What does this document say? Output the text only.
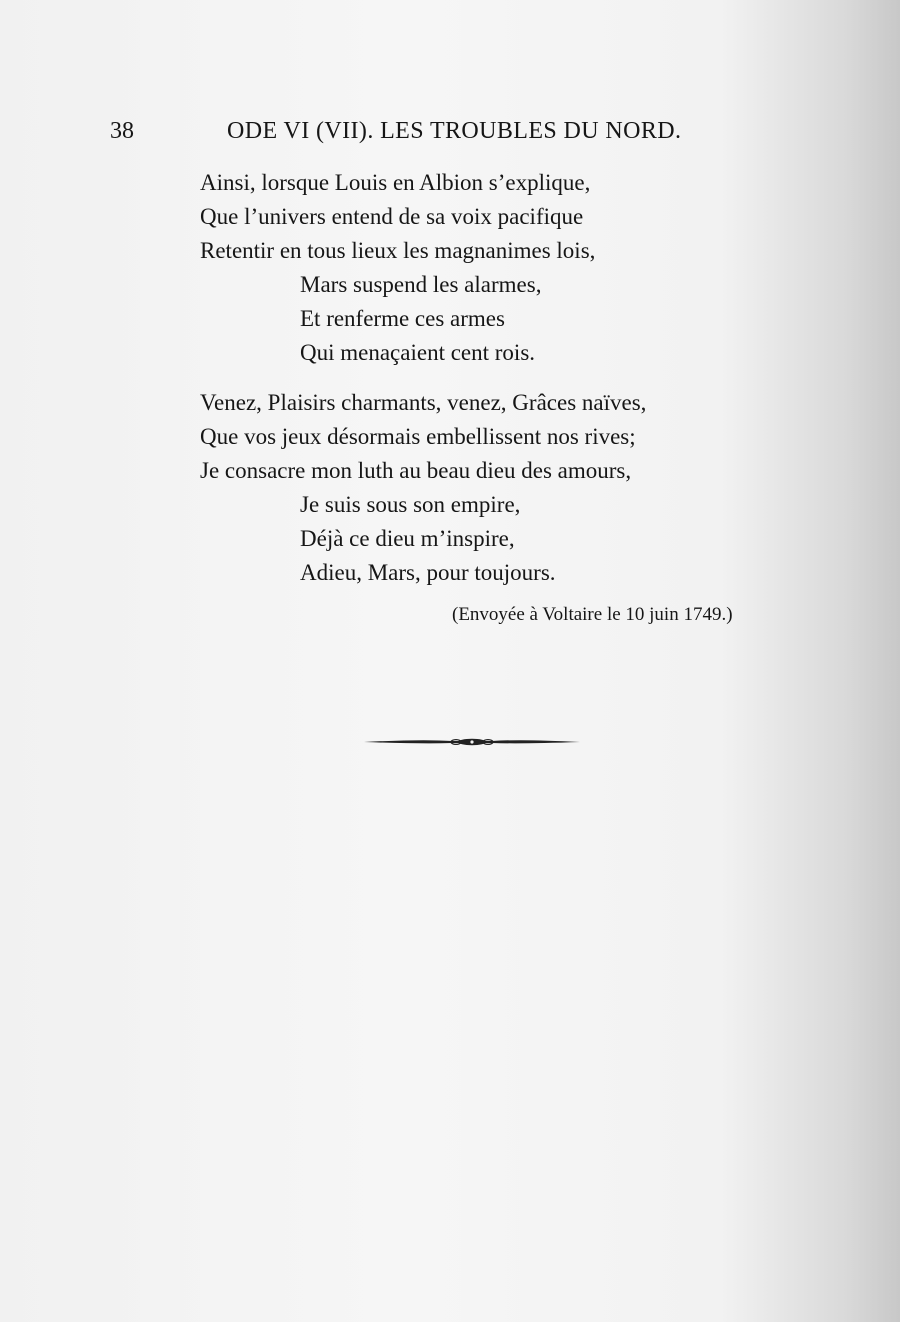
38	ODE VI (VII). LES TROUBLES DU NORD.
Ainsi, lorsque Louis en Albion s’explique,
Que l’univers entend de sa voix pacifique
Retentir en tous lieux les magnanimes lois,
Mars suspend les alarmes,
Et renferme ces armes
Qui menaçaient cent rois.
Venez, Plaisirs charmants, venez, Grâces naïves,
Que vos jeux désormais embellissent nos rives;
Je consacre mon luth au beau dieu des amours,
Je suis sous son empire,
Déjà ce dieu m’inspire,
Adieu, Mars, pour toujours.
(Envoyée à Voltaire le 10 juin 1749.)
